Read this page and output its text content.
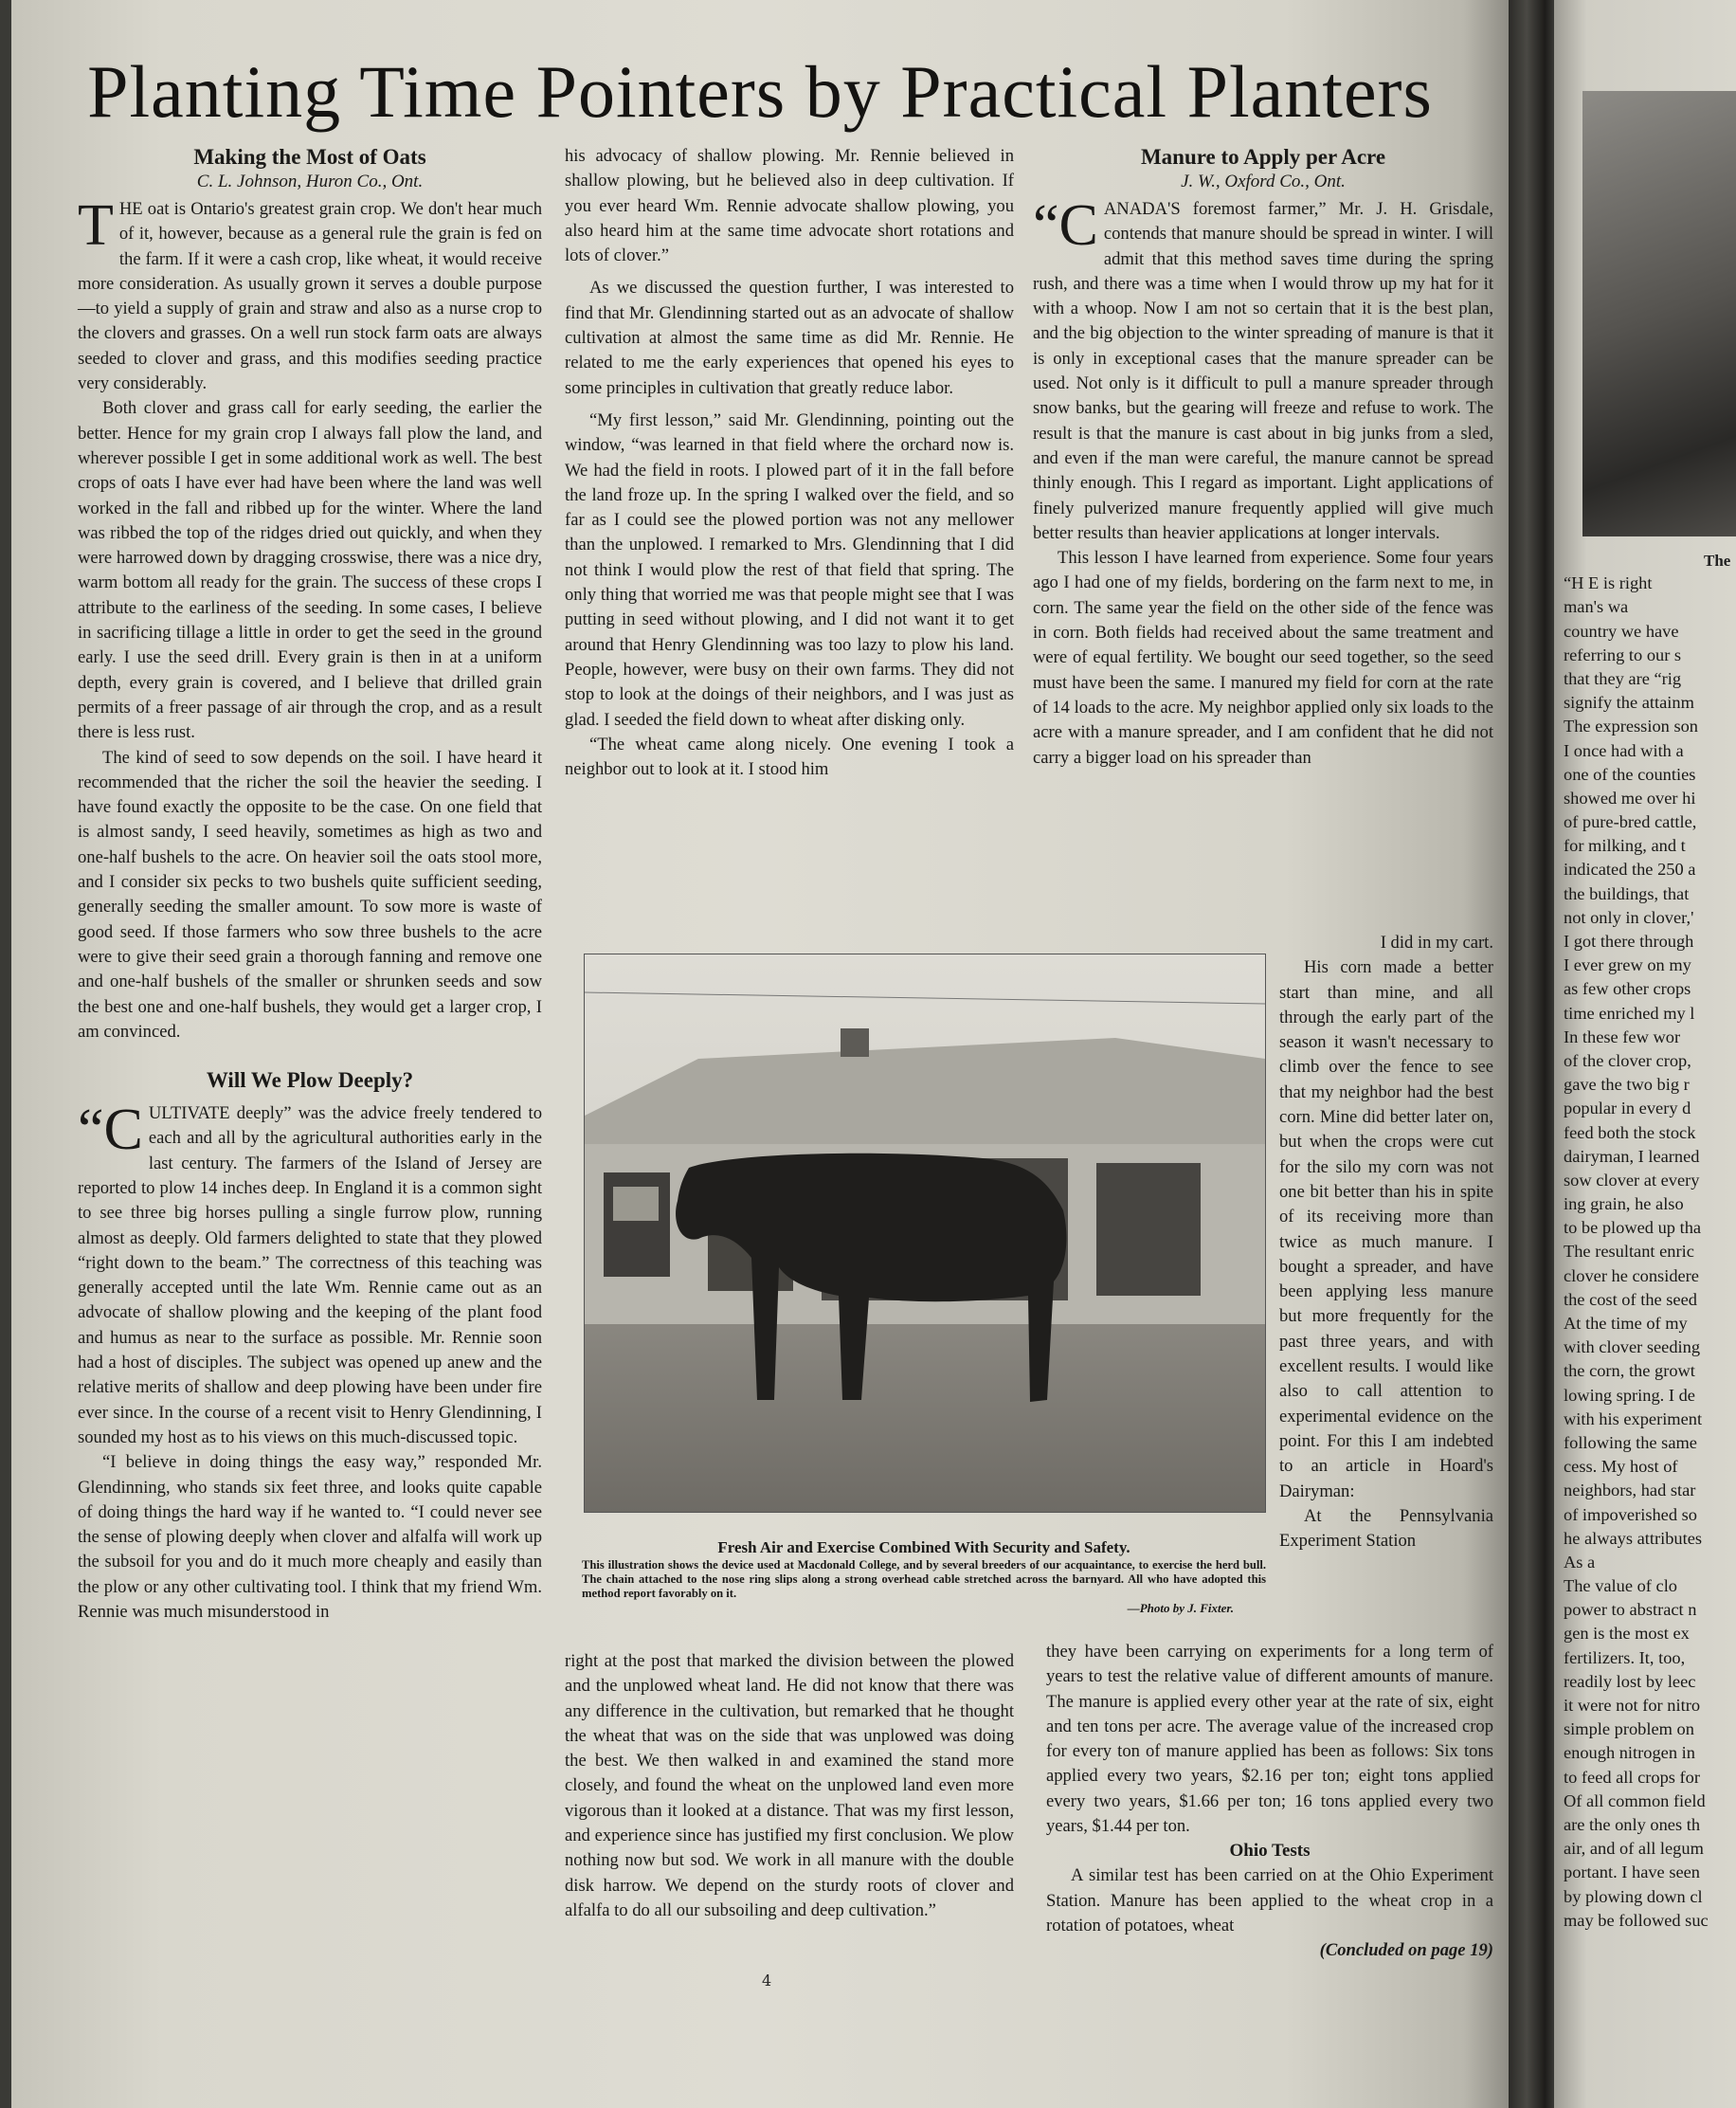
Planting Time Pointers by Practical Planters
Making the Most of Oats
C. L. Johnson, Huron Co., Ont.

THE oat is Ontario's greatest grain crop. We don't hear much of it, however, because as a general rule the grain is fed on the farm. If it were a cash crop, like wheat, it would receive more consideration. As usually grown it serves a double purpose—to yield a supply of grain and straw and also as a nurse crop to the clovers and grasses. On a well run stock farm oats are always seeded to clover and grass, and this modifies seeding practice very considerably.

Both clover and grass call for early seeding, the earlier the better. Hence for my grain crop I always fall plow the land, and wherever possible I get in some additional work as well. The best crops of oats I have ever had have been where the land was well worked in the fall and ribbed up for the winter. Where the land was ribbed the top of the ridges dried out quickly, and when they were harrowed down by dragging crosswise, there was a nice dry, warm bottom all ready for the grain. The success of these crops I attribute to the earliness of the seeding. In some cases, I believe in sacrificing tillage a little in order to get the seed in the ground early. I use the seed drill. Every grain is then in at a uniform depth, every grain is covered, and I believe that drilled grain permits of a freer passage of air through the crop, and as a result there is less rust.

The kind of seed to sow depends on the soil. I have heard it recommended that the richer the soil the heavier the seeding. I have found exactly the opposite to be the case. On one field that is almost sandy, I seed heavily, sometimes as high as two and one-half bushels to the acre. On heavier soil the oats stool more, and I consider six pecks to two bushels quite sufficient seeding, generally seeding the smaller amount. To sow more is waste of good seed. If those farmers who sow three bushels to the acre were to give their seed grain a thorough fanning and remove one and one-half bushels of the smaller or shrunken seeds and sow the best one and one-half bushels, they would get a larger crop, I am convinced.

Will We Plow Deeply?

“CULTIVATE deeply” was the advice freely tendered to each and all by the agricultural authorities early in the last century. The farmers of the Island of Jersey are reported to plow 14 inches deep. In England it is a common sight to see three big horses pulling a single furrow plow, running almost as deeply. Old farmers delighted to state that they plowed “right down to the beam.” The correctness of this teaching was generally accepted until the late Wm. Rennie came out as an advocate of shallow plowing and the keeping of the plant food and humus as near to the surface as possible. Mr. Rennie soon had a host of disciples. The subject was opened up anew and the relative merits of shallow and deep plowing have been under fire ever since. In the course of a recent visit to Henry Glendinning, I sounded my host as to his views on this much-discussed topic.

“I believe in doing things the easy way,” responded Mr. Glendinning, who stands six feet three, and looks quite capable of doing things the hard way if he wanted to. “I could never see the sense of plowing deeply when clover and alfalfa will work up the subsoil for you and do it much more cheaply and easily than the plow or any other cultivating tool. I think that my friend Wm. Rennie was much misunderstood in

his advocacy of shallow plowing. Mr. Rennie believed in shallow plowing, but he believed also in deep cultivation. If you ever heard Wm. Rennie advocate shallow plowing, you also heard him at the same time advocate short rotations and lots of clover.”

As we discussed the question further, I was interested to find that Mr. Glendinning started out as an advocate of shallow cultivation at almost the same time as did Mr. Rennie. He related to me the early experiences that opened his eyes to some principles in cultivation that greatly reduce labor.

“My first lesson,” said Mr. Glendinning, pointing out the window, “was learned in that field where the orchard now is. We had the field in roots. I plowed part of it in the fall before the land froze up. In the spring I walked over the field, and so far as I could see the plowed portion was not any mellower than the unplowed. I remarked to Mrs. Glendinning that I did not think I would plow the rest of that field that spring. The only thing that worried me was that people might see that I was putting in seed without plowing, and I did not want it to get around that Henry Glendinning was too lazy to plow his land. People, however, were busy on their own farms. They did not stop to look at the doings of their neighbors, and I was just as glad. I seeded the field down to wheat after disking only.

“The wheat came along nicely. One evening I took a neighbor out to look at it. I stood him

Fresh Air and Exercise Combined With Security and Safety.
This illustration shows the device used at Macdonald College, and by several breeders of our acquaintance, to exercise the herd bull. The chain attached to the nose ring slips along a strong overhead cable stretched across the barnyard. All who have adopted this method report favorably on it.
—Photo by J. Fixter.

right at the post that marked the division between the plowed and the unplowed wheat land. He did not know that there was any difference in the cultivation, but remarked that he thought the wheat that was on the side that was unplowed was doing the best. We then walked in and examined the stand more closely, and found the wheat on the unplowed land even more vigorous than it looked at a distance. That was my first lesson, and experience since has justified my first conclusion. We plow nothing now but sod. We work in all manure with the double disk harrow. We depend on the sturdy roots of clover and alfalfa to do all our subsoiling and deep cultivation.”

Manure to Apply per Acre
J. W., Oxford Co., Ont.

“CANADA'S foremost farmer,” Mr. J. H. Grisdale, contends that manure should be spread in winter. I will admit that this method saves time during the spring rush, and there was a time when I would throw up my hat for it with a whoop. Now I am not so certain that it is the best plan, and the big objection to the winter spreading of manure is that it is only in exceptional cases that the manure spreader can be used. Not only is it difficult to pull a manure spreader through snow banks, but the gearing will freeze and refuse to work. The result is that the manure is cast about in big junks from a sled, and even if the man were careful, the manure cannot be spread thinly enough. This I regard as important. Light applications of finely pulverized manure frequently applied will give much better results than heavier applications at longer intervals.

This lesson I have learned from experience. Some four years ago I had one of my fields, bordering on the farm next to me, in corn. The same year the field on the other side of the fence was in corn. Both fields had received about the same treatment and were of equal fertility. We bought our seed together, so the seed must have been the same. I manured my field for corn at the rate of 14 loads to the acre. My neighbor applied only six loads to the acre with a manure spreader, and I am confident that he did not carry a bigger load on his spreader than

I did in my cart.

His corn made a better start than mine, and all through the early part of the season it wasn't necessary to climb over the fence to see that my neighbor had the best corn. Mine did better later on, but when the crops were cut for the silo my corn was not one bit better than his in spite of its receiving more than twice as much manure. I bought a spreader, and have been applying less manure but more frequently for the past three years, and with excellent results. I would like also to call attention to experimental evidence on the point. For this I am indebted to an article in Hoard's Dairyman:

At the Pennsylvania Experiment Station

they have been carrying on experiments for a long term of years to test the relative value of different amounts of manure. The manure is applied every other year at the rate of six, eight and ten tons per acre. The average value of the increased crop for every ton of manure applied has been as follows: Six tons applied every two years, $2.16 per ton; eight tons applied every two years, $1.66 per ton; 16 tons applied every two years, $1.44 per ton.

Ohio Tests

A similar test has been carried on at the Ohio Experiment Station. Manure has been applied to the wheat crop in a rotation of potatoes, wheat

(Concluded on page 19)

4
The
“H E is right
man's wa
country we have
referring to our s
that they are “rig
signify the attainm
The expression son
I once had with a
one of the counties
showed me over hi
of pure-bred cattle,
for milking, and t
indicated the 250 a
the buildings, that
not only in clover,'
I got there through
I ever grew on my
as few other crops
time enriched my l
In these few wor
of the clover crop,
gave the two big r
popular in every d
feed both the stock
dairyman, I learned
sow clover at every
ing grain, he also
to be plowed up tha
The resultant enric
clover he considere
the cost of the seed
At the time of my
with clover seeding
the corn, the growt
lowing spring. I de
with his experiment
following the same
cess. My host of
neighbors, had star
of impoverished so
he always attributes
As a
The value of clo
power to abstract n
gen is the most ex
fertilizers. It, too,
readily lost by leec
it were not for nitro
simple problem on
enough nitrogen in
to feed all crops for
Of all common field
are the only ones th
air, and of all legum
portant. I have seen
by plowing down cl
may be followed suc
